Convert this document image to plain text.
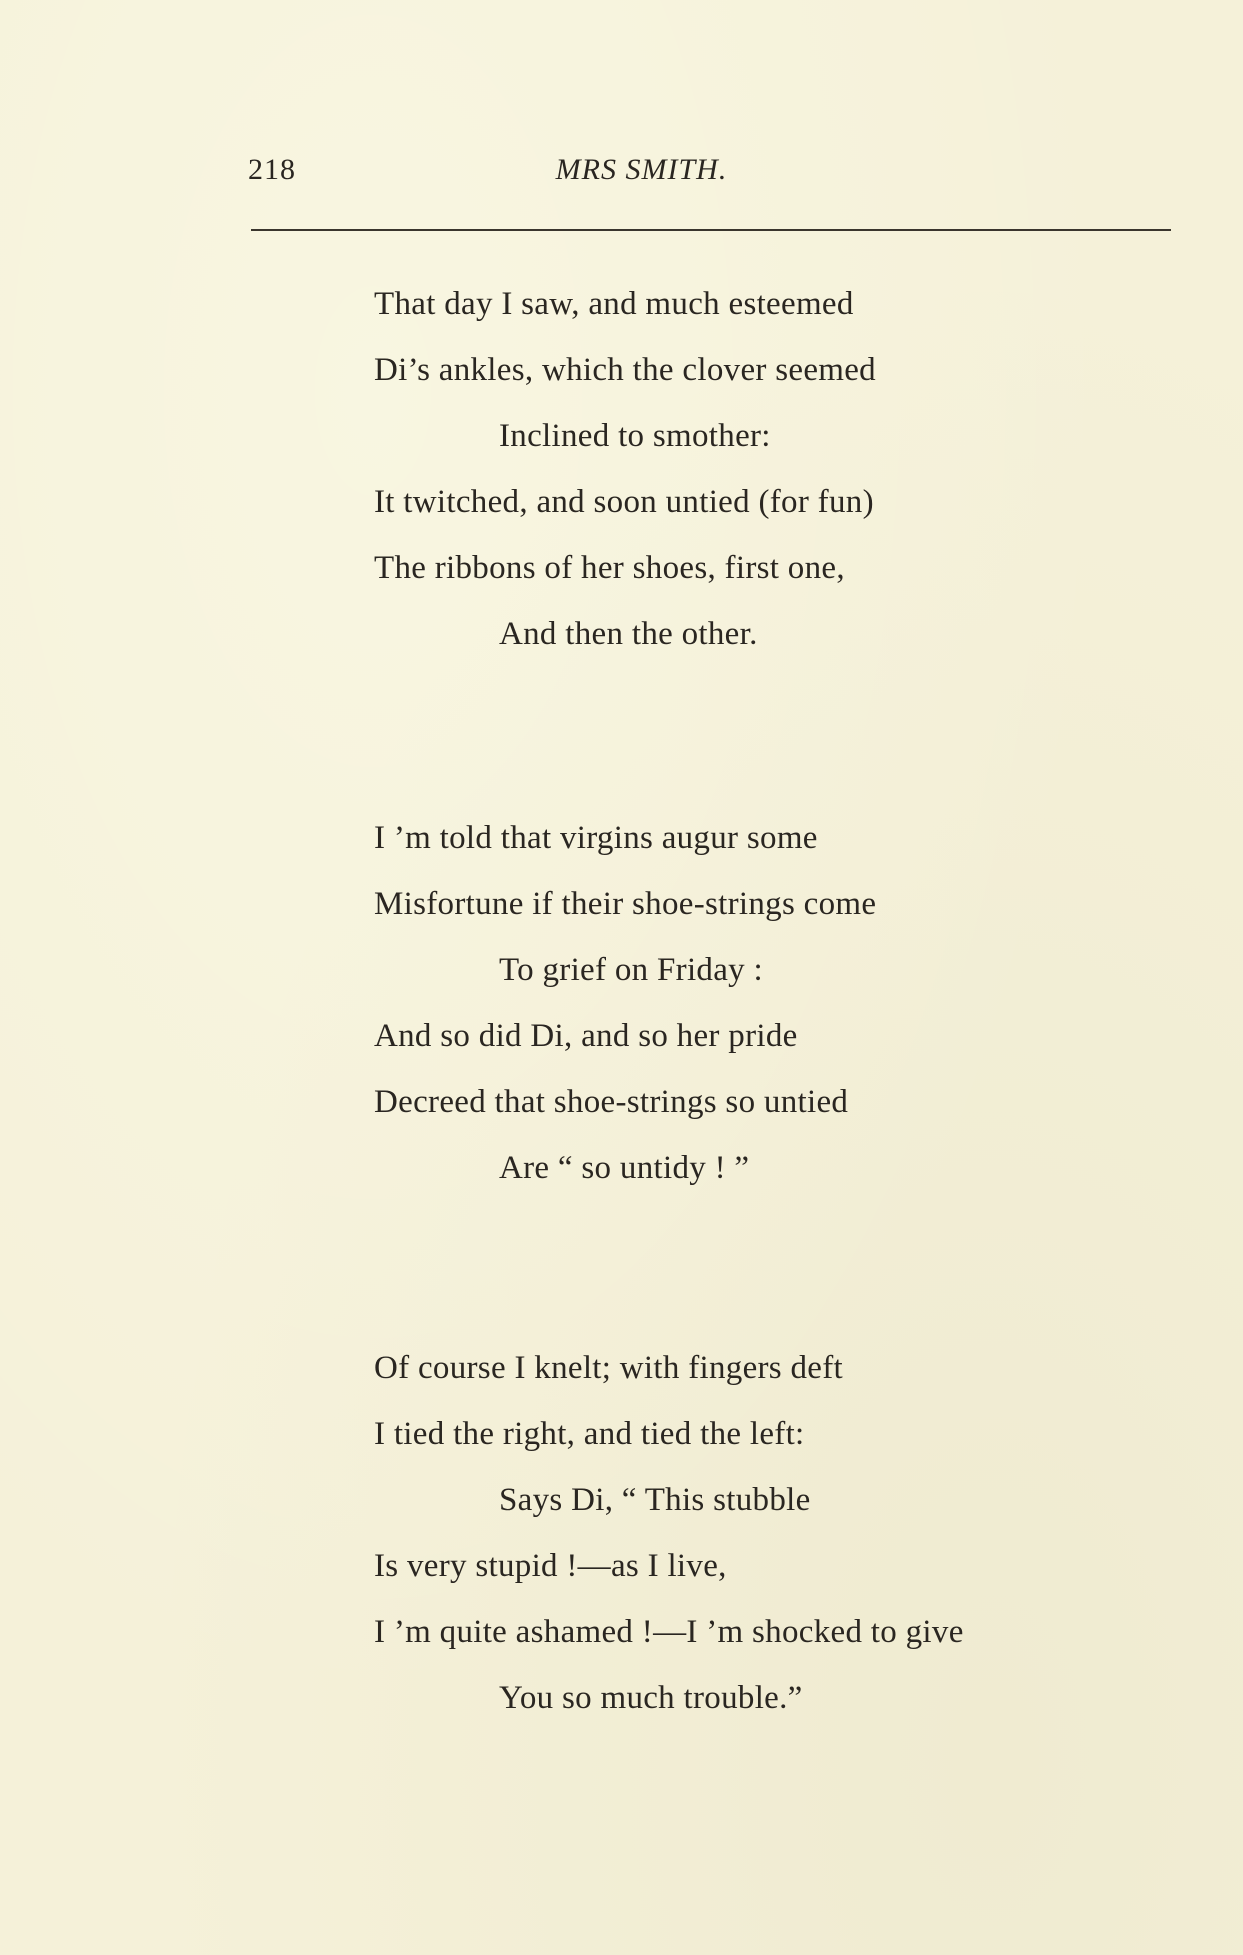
218	MRS SMITH.
That day I saw, and much esteemed
Di’s ankles, which the clover seemed
Inclined to smother:
It twitched, and soon untied (for fun)
The ribbons of her shoes, first one,
And then the other.
I ’m told that virgins augur some
Misfortune if their shoe-strings come
To grief on Friday :
And so did Di, and so her pride
Decreed that shoe-strings so untied
Are “ so untidy ! ”
Of course I knelt; with fingers deft
I tied the right, and tied the left:
Says Di, “ This stubble
Is very stupid !—as I live,
I ’m quite ashamed !—I ’m shocked to give
You so much trouble.”
